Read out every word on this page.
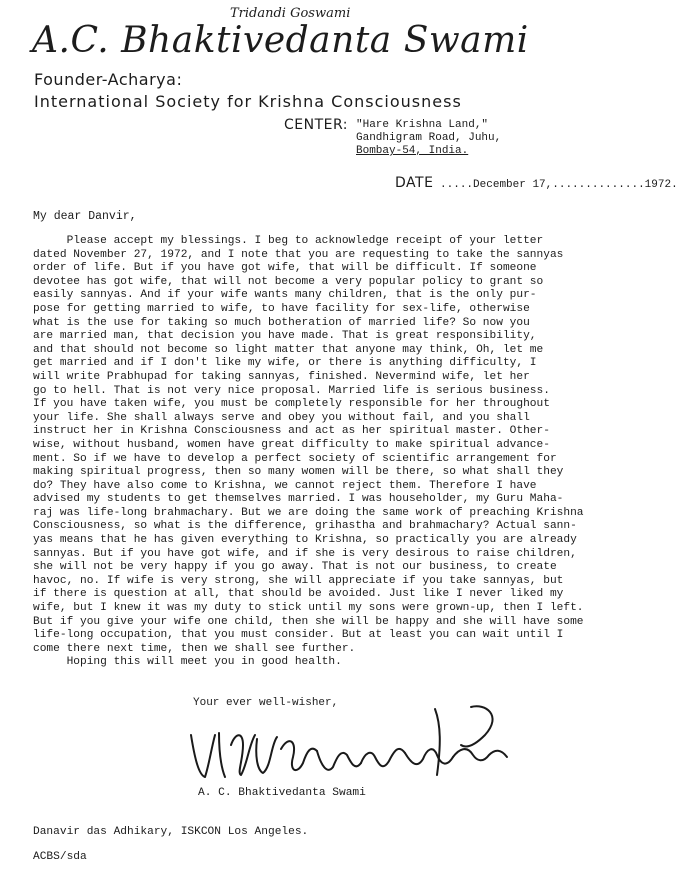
Tridandi Goswami
A.C. Bhaktivedanta Swami
Founder-Acharya:
International Society for Krishna Consciousness
CENTER: "Hare Krishna Land,"
Gandhigram Road, Juhu,
Bombay-54, India.
DATE .....December 17,..............1972.
My dear Danvir,
Please accept my blessings. I beg to acknowledge receipt of your letter
dated November 27, 1972, and I note that you are requesting to take the sannyas
order of life. But if you have got wife, that will be difficult. If someone
devotee has got wife, that will not become a very popular policy to grant so
easily sannyas. And if your wife wants many children, that is the only pur-
pose for getting married to wife, to have facility for sex-life, otherwise
what is the use for taking so much botheration of married life? So now you
are married man, that decision you have made. That is great responsibility,
and that should not become so light matter that anyone may think, Oh, let me
get married and if I don't like my wife, or there is anything difficulty, I
will write Prabhupad for taking sannyas, finished. Nevermind wife, let her
go to hell. That is not very nice proposal. Married life is serious business.
If you have taken wife, you must be completely responsible for her throughout
your life. She shall always serve and obey you without fail, and you shall
instruct her in Krishna Consciousness and act as her spiritual master. Other-
wise, without husband, women have great difficulty to make spiritual advance-
ment. So if we have to develop a perfect society of scientific arrangement for
making spiritual progress, then so many women will be there, so what shall they
do? They have also come to Krishna, we cannot reject them. Therefore I have
advised my students to get themselves married. I was householder, my Guru Maha-
raj was life-long brahmachary. But we are doing the same work of preaching Krishna
Consciousness, so what is the difference, grihastha and brahmachary? Actual sann-
yas means that he has given everything to Krishna, so practically you are already
sannyas. But if you have got wife, and if she is very desirous to raise children,
she will not be very happy if you go away. That is not our business, to create
havoc, no. If wife is very strong, she will appreciate if you take sannyas, but
if there is question at all, that should be avoided. Just like I never liked my
wife, but I knew it was my duty to stick until my sons were grown-up, then I left.
But if you give your wife one child, then she will be happy and she will have some
life-long occupation, that you must consider. But at least you can wait until I
come there next time, then we shall see further.
Hoping this will meet you in good health.
Your ever well-wisher,
A. C. Bhaktivedanta Swami
Danavir das Adhikary, ISKCON Los Angeles.
ACBS/sda
